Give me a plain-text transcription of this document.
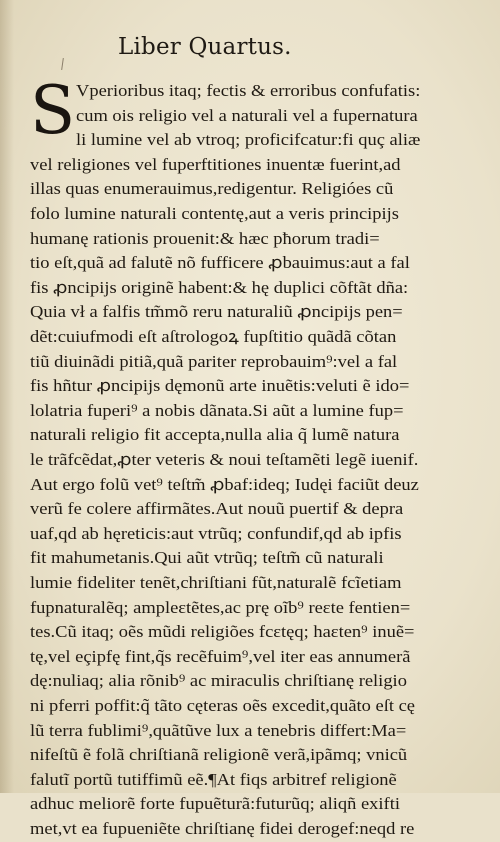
Liber Quartus.
S Vperioribus itaq; fectis & erroribus confufatis:
cum ois religio vel a naturali vel a fupernatura
li lumine vel ab vtroq; proficifcatur:fi quç aliæ
vel religiones vel fuperftitiones inuentæ fuerint,ad
illas quas enumerauimus,redigentur. Religióes cũ
folo lumine naturali contentę,aut a veris principijs
humanę rationis prouenit:& hæc pħorum tradi=
tio eſt,quã ad falutẽ nõ fufficere ꝓbauimus:aut a fal
fis ꝓncipijs originẽ habent:& hę duplici cõftãt dña:
Quia vł a falfis tm̃mõ reru naturaliũ ꝓncipijs pen=
dẽt:cuiufmodi eſt aſtrologoꝝ fupſtitio quãdã cõtan
tiũ diuinãdi pitiã,quã pariter reprobauim⁹:vel a fal
fis hñtur ꝓncipijs dęmonũ arte inuẽtis:veluti ẽ ido=
lolatria fuperi⁹ a nobis dãnata.Si aũt a lumine fup=
naturali religio fit accepta,nulla alia q̃ lumẽ natura
le trãfcẽdat,ꝓter veteris & noui teſtamẽti legẽ iuenif.
Aut ergo folũ vet⁹ teſtm̃ ꝓbaf:ideq; Iudęi faciũt deuz
verũ fe colere affirmãtes.Aut nouũ puertif & depra
uaf,qd ab hęreticis:aut vtrũq; confundif,qd ab ipfis
fit mahumetanis.Qui aũt vtrũq; teſtm̃ cũ naturali
lumie fideliter tenẽt,chriſtiani fũt,naturalẽ fcĩetiam
fupnaturalẽq; ampleɛtẽtes,ac prę oĩb⁹ reɛte fentien=
tes.Cũ itaq; oẽs mũdi religiões fcɛtęq; haɛten⁹ inuẽ=
tę,vel eçipfę fint,q̃s recẽfuim⁹,vel iter eas annumerã
dę:nuliaq; alia rõnib⁹ ac miraculis chriſtianę religio
ni pferri poffit:q̃ tãto cęteras oẽs excedit,quãto eſt cę
lũ terra fublimi⁹,quãtũve lux a tenebris differt:Ma=
nifeſtũ ẽ folã chriſtianã religionẽ verã,ipãmq; vnicũ
falutĩ portũ tutiffimũ eẽ.¶At fiqs arbitref religionẽ
adhuc meliorẽ forte fupuẽturã:futurũq; aliqñ exifti
met,vt ea fupueniẽte chriſtianę fidei derogef:neqd re
